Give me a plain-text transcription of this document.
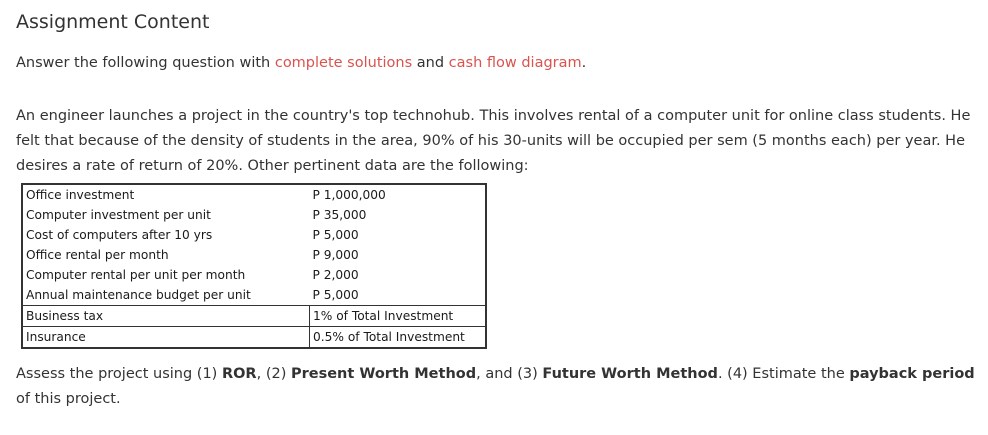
Assignment Content
Answer the following question with complete solutions and cash flow diagram.
An engineer launches a project in the country's top technohub. This involves rental of a computer unit for online class students. He felt that because of the density of students in the area, 90% of his 30-units will be occupied per sem (5 months each) per year. He desires a rate of return of 20%. Other pertinent data are the following:
Office investment	P 1,000,000
Computer investment per unit	P 35,000
Cost of computers after 10 yrs	P 5,000
Office rental per month	P 9,000
Computer rental per unit per month	P 2,000
Annual maintenance budget per unit	P 5,000
Business tax	1% of Total Investment
Insurance	0.5% of Total Investment
Assess the project using (1) ROR, (2) Present Worth Method, and (3) Future Worth Method. (4) Estimate the payback period of this project.
